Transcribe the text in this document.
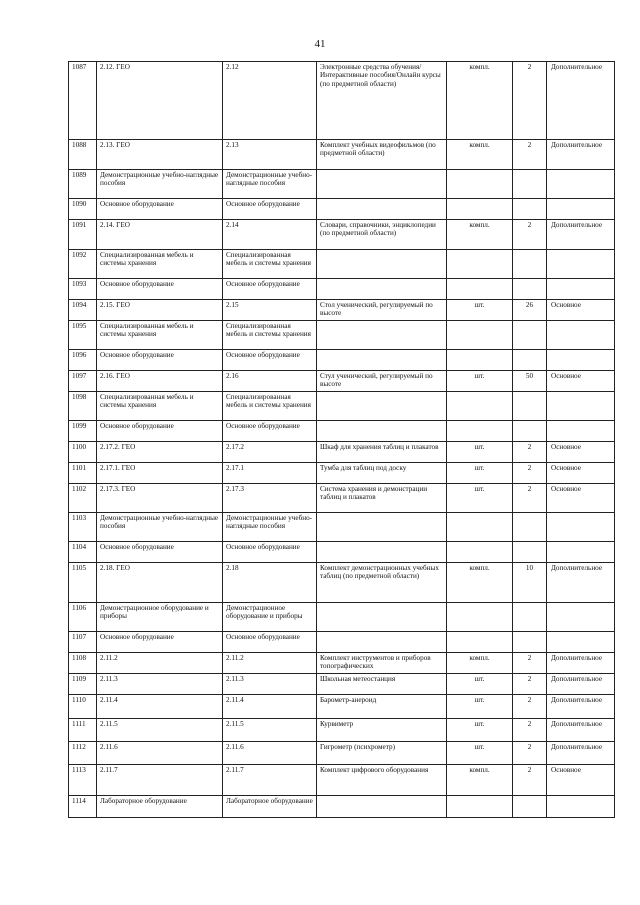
41
1087	2.12. ГЕО	2.12	Электронные средства обучения/Интерактивные пособия/Онлайн курсы (по предметной области)	компл.	2	Дополнительное
1088	2.13. ГЕО	2.13	Комплект учебных видеофильмов (по предметной области)	компл.	2	Дополнительное
1089	Демонстрационные учебно-наглядные пособия	Демонстрационные учебно-наглядные пособия				
1090	Основное оборудование	Основное оборудование				
1091	2.14. ГЕО	2.14	Словари, справочники, энциклопедии (по предметной области)	компл.	2	Дополнительное
1092	Специализированная мебель и системы хранения	Специализированная мебель и системы хранения				
1093	Основное оборудование	Основное оборудование				
1094	2.15. ГЕО	2.15	Стол ученический, регулируемый по высоте	шт.	26	Основное
1095	Специализированная мебель и системы хранения	Специализированная мебель и системы хранения				
1096	Основное оборудование	Основное оборудование				
1097	2.16. ГЕО	2.16	Стул ученический, регулируемый по высоте	шт.	50	Основное
1098	Специализированная мебель и системы хранения	Специализированная мебель и системы хранения				
1099	Основное оборудование	Основное оборудование				
1100	2.17.2. ГЕО	2.17.2	Шкаф для хранения таблиц и плакатов	шт.	2	Основное
1101	2.17.1. ГЕО	2.17.1	Тумба для таблиц под доску	шт.	2	Основное
1102	2.17.3. ГЕО	2.17.3	Система хранения и демонстрации таблиц и плакатов	шт.	2	Основное
1103	Демонстрационные учебно-наглядные пособия	Демонстрационные учебно-наглядные пособия				
1104	Основное оборудование	Основное оборудование				
1105	2.18. ГЕО	2.18	Комплект демонстрационных учебных таблиц (по предметной области)	компл.	10	Дополнительное
1106	Демонстрационное оборудование и приборы	Демонстрационное оборудование и приборы				
1107	Основное оборудование	Основное оборудование				
1108	2.11.2	2.11.2	Комплект инструментов и приборов топографических	компл.	2	Дополнительное
1109	2.11.3	2.11.3	Школьная метеостанция	шт.	2	Дополнительное
1110	2.11.4	2.11.4	Барометр-анероид	шт.	2	Дополнительное
1111	2.11.5	2.11.5	Курвиметр	шт.	2	Дополнительное
1112	2.11.6	2.11.6	Гигрометр (психрометр)	шт.	2	Дополнительное
1113	2.11.7	2.11.7	Комплект цифрового оборудования	компл.	2	Основное
1114	Лабораторное оборудование	Лабораторное оборудование				
